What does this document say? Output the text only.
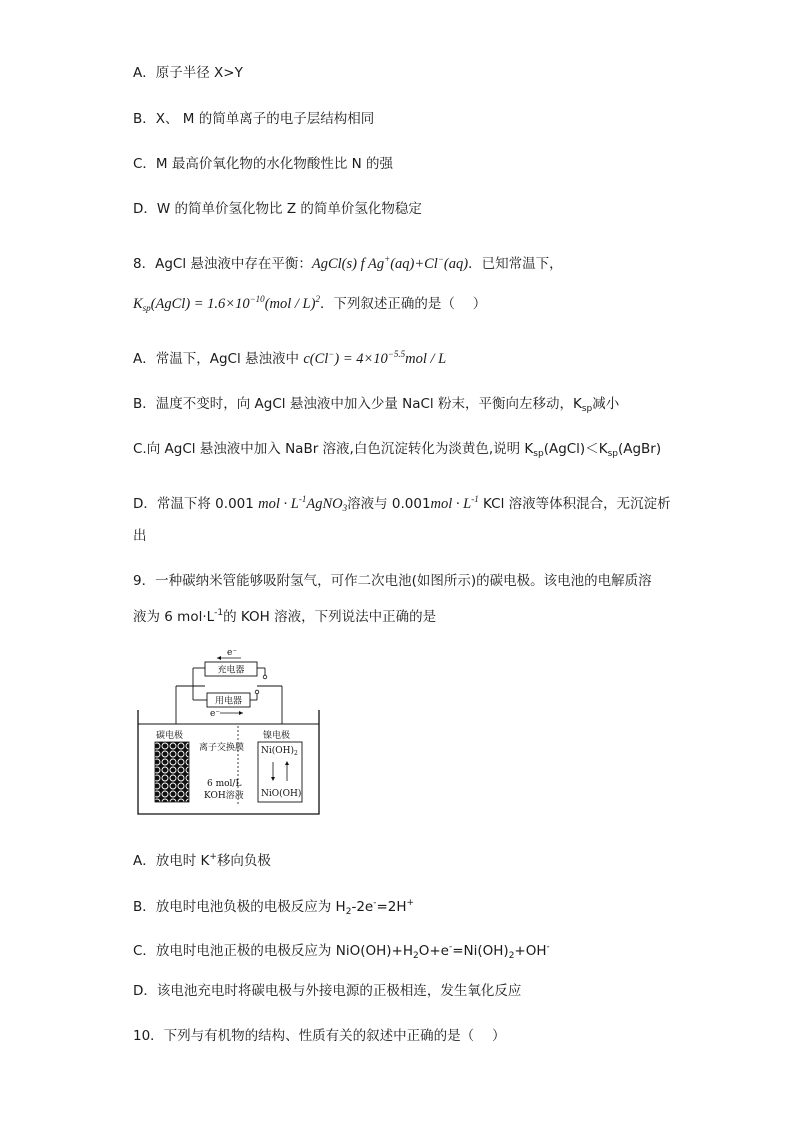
A．原子半径 X>Y
B．X、 M 的简单离子的电子层结构相同
C．M 最高价氧化物的水化物酸性比 N 的强
D．W 的简单价氢化物比 Z 的简单价氢化物稳定
8．AgCl 悬浊液中存在平衡：AgCl(s) f Ag+(aq)+Cl−(aq)．已知常温下，
$K_{sp}(AgCl) = 1.6\times 10^{-10}(mol / L)^2$．下列叙述正确的是（　 ）
A．常温下，AgCl 悬浊液中 $c(Cl^-) = 4\times 10^{-5.5}mol / L$
B．温度不变时，向 AgCl 悬浊液中加入少量 NaCl 粉末，平衡向左移动，$K_{sp}$减小
C.向 AgCl 悬浊液中加入 NaBr 溶液,白色沉淀转化为淡黄色,说明 $K_{sp}(AgCl)<K_{sp}(AgBr)$
D．常温下将 0.001 mol · $L^{-1}AgNO_3$溶液与 $0.001mol \cdot L^{-1}$ KCl 溶液等体积混合，无沉淀析
出
9．一种碳纳米管能够吸附氢气，可作二次电池(如图所示)的碳电极。该电池的电解质溶
液为 6 $mol\cdot L^{-1}$的 KOH 溶液，下列说法中正确的是
充电器
用电器
e⁻
e⁻
碳电极
离子交换膜
6 mol/L
KOH溶液
镍电极
$Ni(OH)_2$
NiO(OH)
A．放电时 K+移向负极
B．放电时电池负极的电极反应为 $H_2-2e^-=2H^+$
C．放电时电池正极的电极反应为 $NiO(OH)+H_2O+e^-=Ni(OH)_2+OH^-$
D．该电池充电时将碳电极与外接电源的正极相连，发生氧化反应
10．下列与有机物的结构、性质有关的叙述中正确的是（　 ）
